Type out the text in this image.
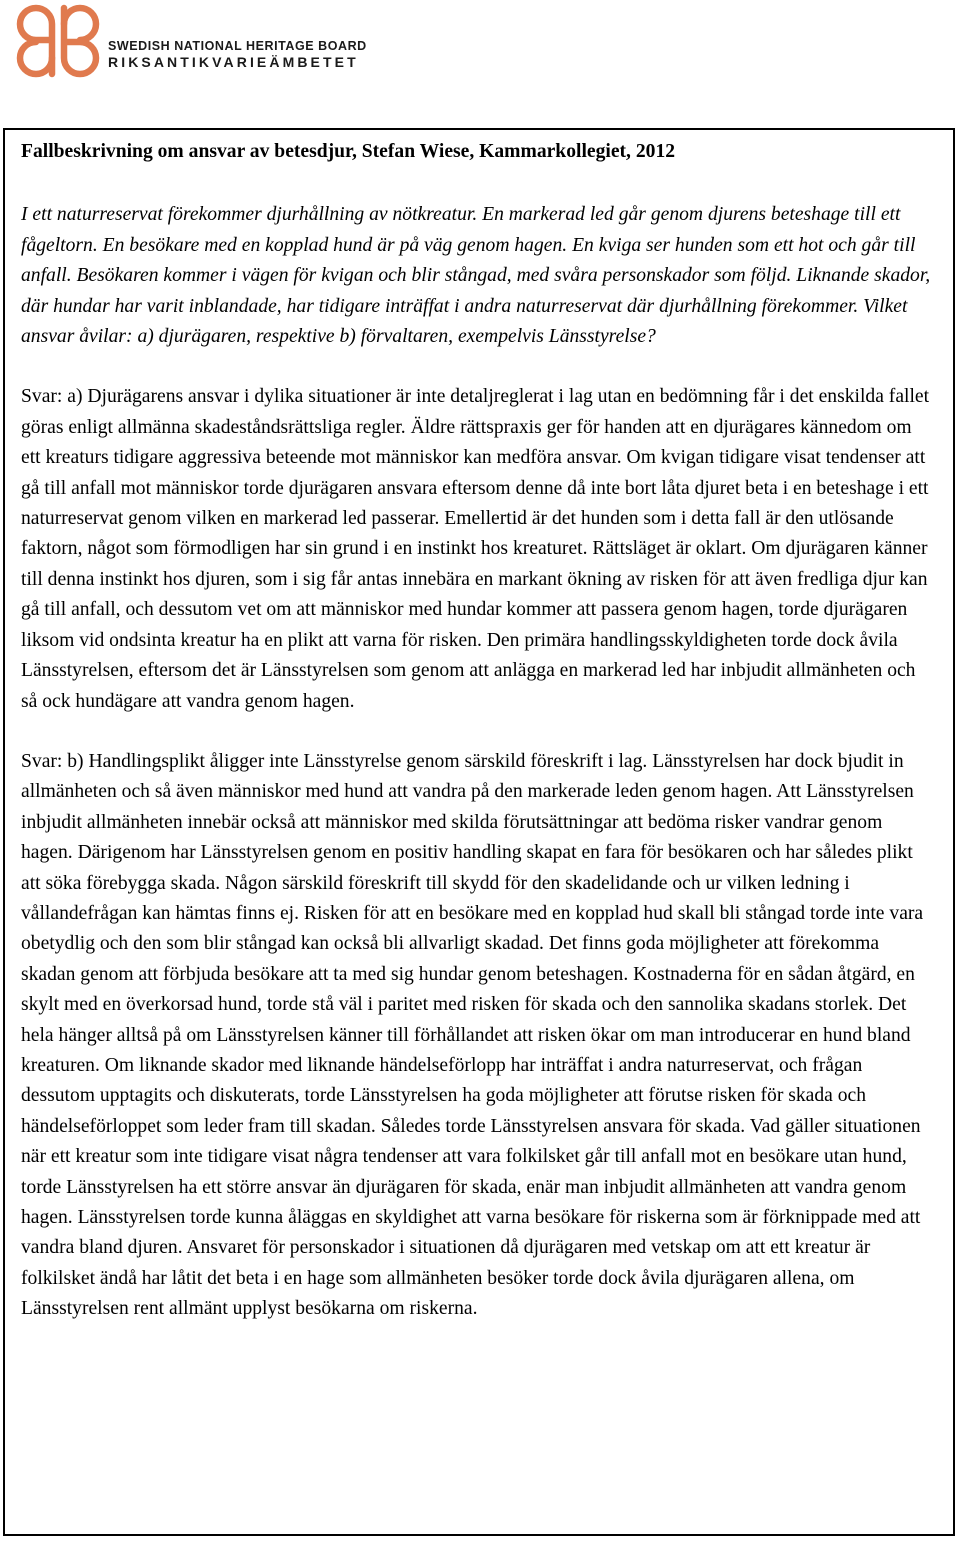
SWEDISH NATIONAL HERITAGE BOARD
RIKSANTIKVARIEÄMBETET

Fallbeskrivning om ansvar av betesdjur, Stefan Wiese, Kammarkollegiet, 2012

I ett naturreservat förekommer djurhållning av nötkreatur. En markerad led går genom djurens beteshage till ett fågeltorn. En besökare med en kopplad hund är på väg genom hagen. En kviga ser hunden som ett hot och går till anfall. Besökaren kommer i vägen för kvigan och blir stångad, med svåra personskador som följd. Liknande skador, där hundar har varit inblandade, har tidigare inträffat i andra naturreservat där djurhållning förekommer. Vilket ansvar åvilar: a) djurägaren, respektive b) förvaltaren, exempelvis Länsstyrelse?

Svar: a) Djurägarens ansvar i dylika situationer är inte detaljreglerat i lag utan en bedömning får i det enskilda fallet göras enligt allmänna skadeståndsrättsliga regler. Äldre rättspraxis ger för handen att en djurägares kännedom om ett kreaturs tidigare aggressiva beteende mot människor kan medföra ansvar. Om kvigan tidigare visat tendenser att gå till anfall mot människor torde djurägaren ansvara eftersom denne då inte bort låta djuret beta i en beteshage i ett naturreservat genom vilken en markerad led passerar. Emellertid är det hunden som i detta fall är den utlösande faktorn, något som förmodligen har sin grund i en instinkt hos kreaturet. Rättsläget är oklart. Om djurägaren känner till denna instinkt hos djuren, som i sig får antas innebära en markant ökning av risken för att även fredliga djur kan gå till anfall, och dessutom vet om att människor med hundar kommer att passera genom hagen, torde djurägaren liksom vid ondsinta kreatur ha en plikt att varna för risken. Den primära handlingsskyldigheten torde dock åvila Länsstyrelsen, eftersom det är Länsstyrelsen som genom att anlägga en markerad led har inbjudit allmänheten och så ock hundägare att vandra genom hagen.

Svar: b) Handlingsplikt åligger inte Länsstyrelse genom särskild föreskrift i lag. Länsstyrelsen har dock bjudit in allmänheten och så även människor med hund att vandra på den markerade leden genom hagen. Att Länsstyrelsen inbjudit allmänheten innebär också att människor med skilda förutsättningar att bedöma risker vandrar genom hagen. Därigenom har Länsstyrelsen genom en positiv handling skapat en fara för besökaren och har således plikt att söka förebygga skada. Någon särskild föreskrift till skydd för den skadelidande och ur vilken ledning i vållandefrågan kan hämtas finns ej. Risken för att en besökare med en kopplad hud skall bli stångad torde inte vara obetydlig och den som blir stångad kan också bli allvarligt skadad. Det finns goda möjligheter att förekomma skadan genom att förbjuda besökare att ta med sig hundar genom beteshagen. Kostnaderna för en sådan åtgärd, en skylt med en överkorsad hund, torde stå väl i paritet med risken för skada och den sannolika skadans storlek. Det hela hänger alltså på om Länsstyrelsen känner till förhållandet att risken ökar om man introducerar en hund bland kreaturen. Om liknande skador med liknande händelseförlopp har inträffat i andra naturreservat, och frågan dessutom upptagits och diskuterats, torde Länsstyrelsen ha goda möjligheter att förutse risken för skada och händelseförloppet som leder fram till skadan. Således torde Länsstyrelsen ansvara för skada. Vad gäller situationen när ett kreatur som inte tidigare visat några tendenser att vara folkilsket går till anfall mot en besökare utan hund, torde Länsstyrelsen ha ett större ansvar än djurägaren för skada, enär man inbjudit allmänheten att vandra genom hagen. Länsstyrelsen torde kunna åläggas en skyldighet att varna besökare för riskerna som är förknippade med att vandra bland djuren. Ansvaret för personskador i situationen då djurägaren med vetskap om att ett kreatur är folkilsket ändå har låtit det beta i en hage som allmänheten besöker torde dock åvila djurägaren allena, om Länsstyrelsen rent allmänt upplyst besökarna om riskerna.
